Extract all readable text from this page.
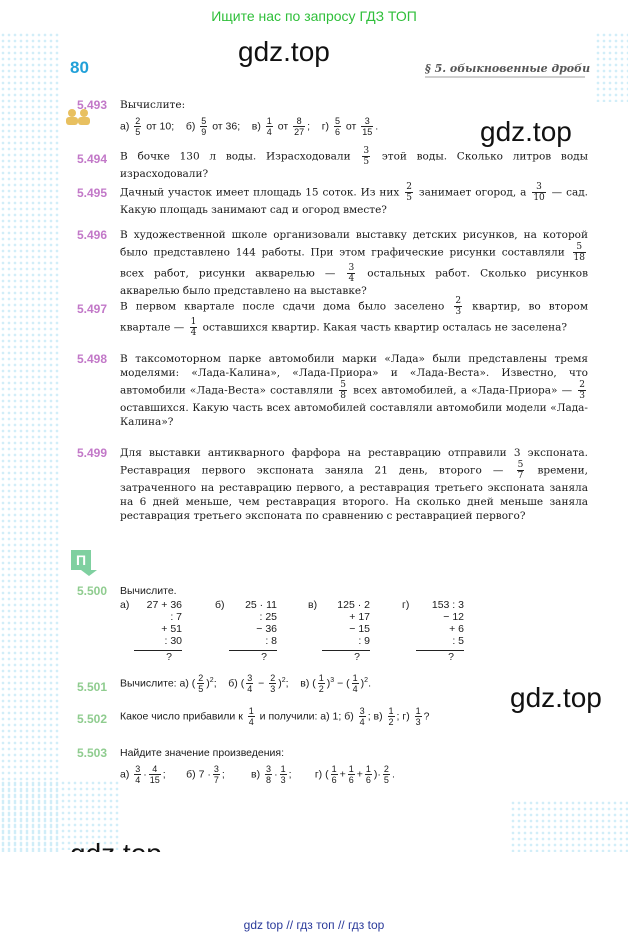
Ищите нас по запросу ГДЗ ТОП
gdz.top
gdz.top
gdz.top
80	§ 5. обыкновенные дроби
5.493 Вычислите:
$а) \frac{2}{5}$ от 10; $б) \frac{5}{9}$ от 36; $в) \frac{1}{4}$ от $\frac{8}{27}$ ; $г) \frac{5}{6}$ от $\frac{3}{15}$ .
5.494 В бочке 130 л воды. Израсходовали $\frac{3}{5}$ этой воды. Сколько литров воды израсходовали?
5.495 Дачный участок имеет площадь 15 соток. Из них $\frac{2}{5}$ занимает огород, а $\frac{3}{10}$ — сад. Какую площадь занимают сад и огород вместе?
5.496 В художественной школе организовали выставку детских рисунков, на которой было представлено 144 работы. При этом графические рисунки составляли $\frac{5}{18}$
всех работ, рисунки акварелью — $\frac{3}{4}$ остальных работ. Сколько рисунков акварелью было представлено на выставке?
5.497 В первом квартале после сдачи дома было заселено $\frac{2}{3}$ квартир, во втором квартале — $\frac{1}{4}$ оставшихся квартир. Какая часть квартир осталась не заселена?
5.498 В таксомоторном парке автомобили марки «Лада» были представлены тремя моделями: «Лада-Калина», «Лада-Приора» и «Лада-Веста». Известно, что автомобили «Лада-Веста» составляли $\frac{5}{8}$ всех автомобилей, а «Лада-Приора» — $\frac{2}{3}$
оставшихся. Какую часть всех автомобилей составляли автомобили модели «Лада-Калина»?
5.499 Для выставки антикварного фарфора на реставрацию отправили 3 экспоната. Реставрация первого экспоната заняла 21 день, второго — $\frac{5}{7}$ времени, затраченного на реставрацию первого, а реставрация третьего экспоната заняла на 6 дней меньше, чем реставрация второго. На сколько дней меньше заняла реставрация третьего экспоната по сравнению с реставрацией первого?
П
5.500 Вычислите.
а)	27 + 36
: 7
+ 51
: 30
?
б)	25 · 11
: 25
− 36
: 8
?
в)	125 · 2
+ 17
− 15
: 9
?
г)	153 : 3
− 12
+ 6
: 5
?
5.501 Вычислите: а) ( $\frac{2}{5} )^2$; б) ( $\frac{3}{4} - \frac{2}{3} )^2$; в) ( $\frac{1}{2} )^3$ − ( $\frac{1}{4} )^2$.
5.502 Какое число прибавили к $\frac{1}{4}$ и получили: а) 1; $б) \frac{3}{4}$ ; $в) \frac{1}{2}$ ; $г) \frac{1}{3}$ ?
5.503 Найдите значение произведения:
$а) \frac{3}{4} \cdot \frac{4}{15}$ ; б) $7 \cdot \frac{3}{7}$ ;	$в) \frac{3}{8} \cdot \frac{1}{3}$ ; г) ( $\frac{1}{6} + \frac{1}{6} + \frac{1}{6}$ )· $\frac{2}{5}$ .
gdz top // гдз топ // гдз top
